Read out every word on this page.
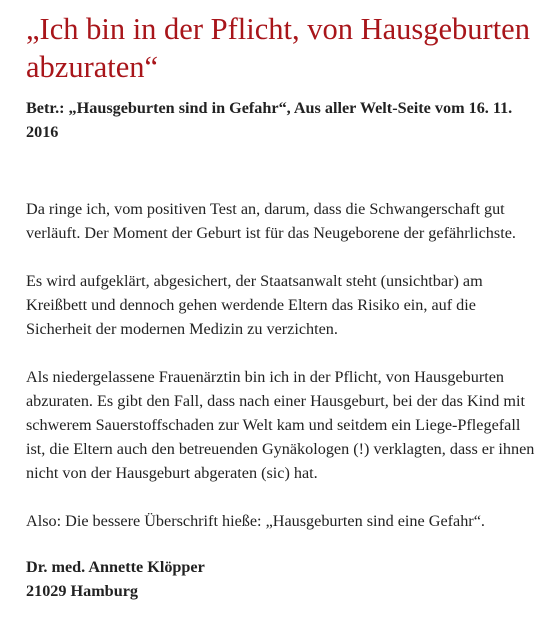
„Ich bin in der Pflicht, von Hausgeburten abzuraten“
Betr.: „Hausgeburten sind in Gefahr“, Aus aller Welt-Seite vom 16. 11. 2016

Da ringe ich, vom positiven Test an, darum, dass die Schwangerschaft gut verläuft. Der Moment der Geburt ist für das Neugeborene der gefährlichste.

Es wird aufgeklärt, abgesichert, der Staatsanwalt steht (unsichtbar) am Kreißbett und dennoch gehen werdende Eltern das Risiko ein, auf die Sicherheit der modernen Medizin zu verzichten.

Als niedergelassene Frauenärztin bin ich in der Pflicht, von Hausgeburten abzuraten. Es gibt den Fall, dass nach einer Hausgeburt, bei der das Kind mit schwerem Sauerstoffschaden zur Welt kam und seitdem ein Liege-Pflegefall ist, die Eltern auch den betreuenden Gynäkologen (!) verklagten, dass er ihnen nicht von der Hausgeburt abgeraten (sic) hat.

Also: Die bessere Überschrift hieße: „Hausgeburten sind eine Gefahr“.

Dr. med. Annette Klöpper
21029 Hamburg
